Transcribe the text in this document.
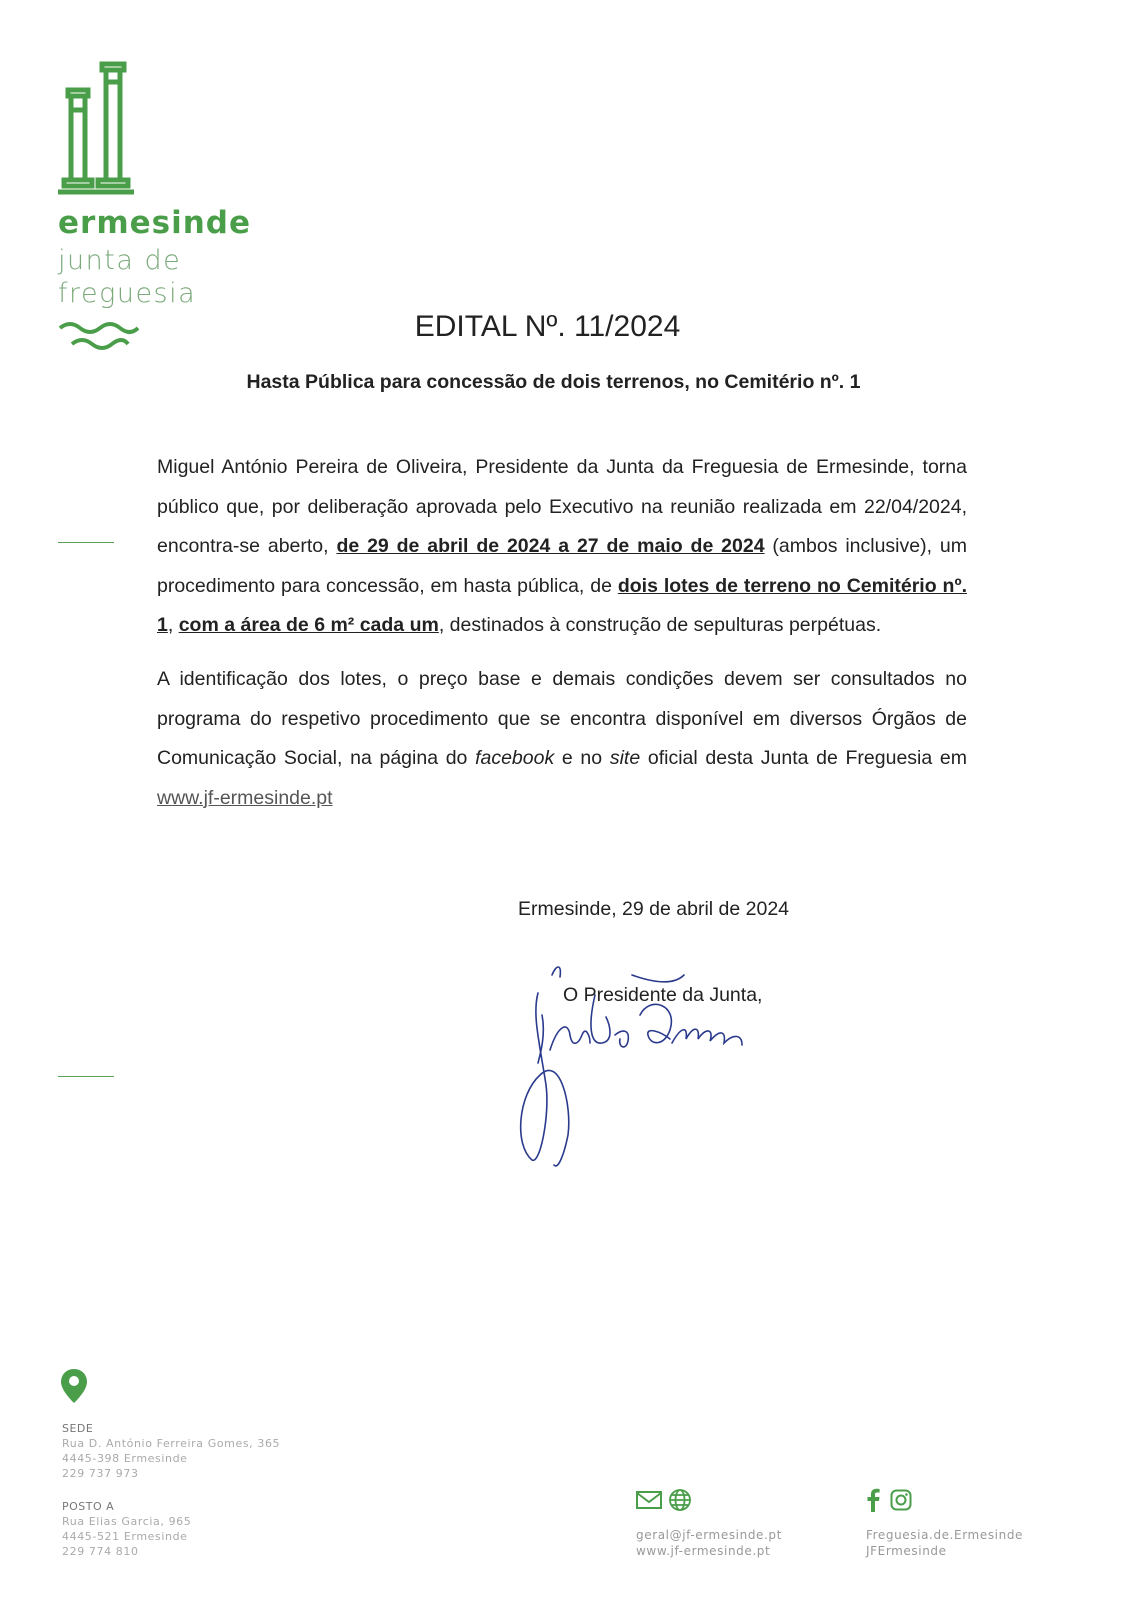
ermesinde
junta de
freguesia
EDITAL Nº. 11/2024
Hasta Pública para concessão de dois terrenos, no Cemitério nº. 1
Miguel António Pereira de Oliveira, Presidente da Junta da Freguesia de Ermesinde, torna público que, por deliberação aprovada pelo Executivo na reunião realizada em 22/04/2024, encontra-se aberto, de 29 de abril de 2024 a 27 de maio de 2024 (ambos inclusive), um procedimento para concessão, em hasta pública, de dois lotes de terreno no Cemitério nº. 1, com a área de 6 m² cada um, destinados à construção de sepulturas perpétuas.
A identificação dos lotes, o preço base e demais condições devem ser consultados no programa do respetivo procedimento que se encontra disponível em diversos Órgãos de Comunicação Social, na página do facebook e no site oficial desta Junta de Freguesia em www.jf-ermesinde.pt
Ermesinde, 29 de abril de 2024
O Presidente da Junta,
SEDE
Rua D. António Ferreira Gomes, 365
4445-398 Ermesinde
229 737 973
POSTO A
Rua Elias Garcia, 965
4445-521 Ermesinde
229 774 810
geral@jf-ermesinde.pt
www.jf-ermesinde.pt
Freguesia.de.Ermesinde
JFErmesinde
